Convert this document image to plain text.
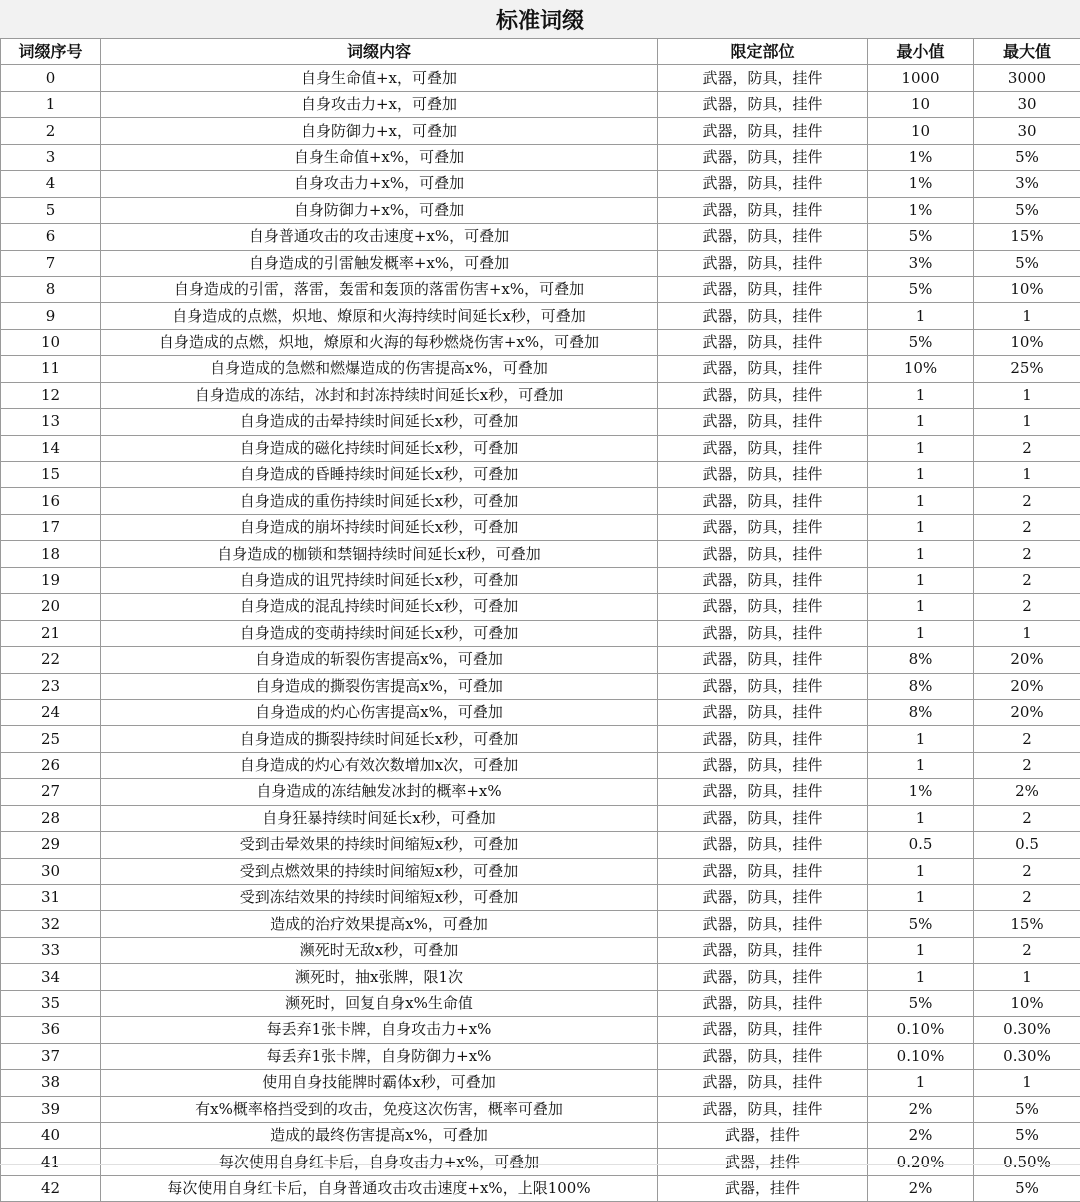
标准词缀
词缀序号	词缀内容	限定部位	最小值	最大值
0	自身生命值+x，可叠加	武器，防具，挂件	1000	3000
1	自身攻击力+x，可叠加	武器，防具，挂件	10	30
2	自身防御力+x，可叠加	武器，防具，挂件	10	30
3	自身生命值+x%，可叠加	武器，防具，挂件	1%	5%
4	自身攻击力+x%，可叠加	武器，防具，挂件	1%	3%
5	自身防御力+x%，可叠加	武器，防具，挂件	1%	5%
6	自身普通攻击的攻击速度+x%，可叠加	武器，防具，挂件	5%	15%
7	自身造成的引雷触发概率+x%，可叠加	武器，防具，挂件	3%	5%
8	自身造成的引雷，落雷，轰雷和轰顶的落雷伤害+x%，可叠加	武器，防具，挂件	5%	10%
9	自身造成的点燃，炽地、燎原和火海持续时间延长x秒，可叠加	武器，防具，挂件	1	1
10	自身造成的点燃，炽地，燎原和火海的每秒燃烧伤害+x%，可叠加	武器，防具，挂件	5%	10%
11	自身造成的急燃和燃爆造成的伤害提高x%，可叠加	武器，防具，挂件	10%	25%
12	自身造成的冻结，冰封和封冻持续时间延长x秒，可叠加	武器，防具，挂件	1	1
13	自身造成的击晕持续时间延长x秒，可叠加	武器，防具，挂件	1	1
14	自身造成的磁化持续时间延长x秒，可叠加	武器，防具，挂件	1	2
15	自身造成的昏睡持续时间延长x秒，可叠加	武器，防具，挂件	1	1
16	自身造成的重伤持续时间延长x秒，可叠加	武器，防具，挂件	1	2
17	自身造成的崩坏持续时间延长x秒，可叠加	武器，防具，挂件	1	2
18	自身造成的枷锁和禁锢持续时间延长x秒，可叠加	武器，防具，挂件	1	2
19	自身造成的诅咒持续时间延长x秒，可叠加	武器，防具，挂件	1	2
20	自身造成的混乱持续时间延长x秒，可叠加	武器，防具，挂件	1	2
21	自身造成的变萌持续时间延长x秒，可叠加	武器，防具，挂件	1	1
22	自身造成的斩裂伤害提高x%，可叠加	武器，防具，挂件	8%	20%
23	自身造成的撕裂伤害提高x%，可叠加	武器，防具，挂件	8%	20%
24	自身造成的灼心伤害提高x%，可叠加	武器，防具，挂件	8%	20%
25	自身造成的撕裂持续时间延长x秒，可叠加	武器，防具，挂件	1	2
26	自身造成的灼心有效次数增加x次，可叠加	武器，防具，挂件	1	2
27	自身造成的冻结触发冰封的概率+x%	武器，防具，挂件	1%	2%
28	自身狂暴持续时间延长x秒，可叠加	武器，防具，挂件	1	2
29	受到击晕效果的持续时间缩短x秒，可叠加	武器，防具，挂件	0.5	0.5
30	受到点燃效果的持续时间缩短x秒，可叠加	武器，防具，挂件	1	2
31	受到冻结效果的持续时间缩短x秒，可叠加	武器，防具，挂件	1	2
32	造成的治疗效果提高x%，可叠加	武器，防具，挂件	5%	15%
33	濒死时无敌x秒，可叠加	武器，防具，挂件	1	2
34	濒死时，抽x张牌，限1次	武器，防具，挂件	1	1
35	濒死时，回复自身x%生命值	武器，防具，挂件	5%	10%
36	每丢弃1张卡牌，自身攻击力+x%	武器，防具，挂件	0.10%	0.30%
37	每丢弃1张卡牌，自身防御力+x%	武器，防具，挂件	0.10%	0.30%
38	使用自身技能牌时霸体x秒，可叠加	武器，防具，挂件	1	1
39	有x%概率格挡受到的攻击，免疫这次伤害，概率可叠加	武器，防具，挂件	2%	5%
40	造成的最终伤害提高x%，可叠加	武器，挂件	2%	5%
41	每次使用自身红卡后，自身攻击力+x%，可叠加	武器，挂件	0.20%	0.50%
42	每次使用自身红卡后，自身普通攻击攻击速度+x%，上限100%	武器，挂件	2%	5%
